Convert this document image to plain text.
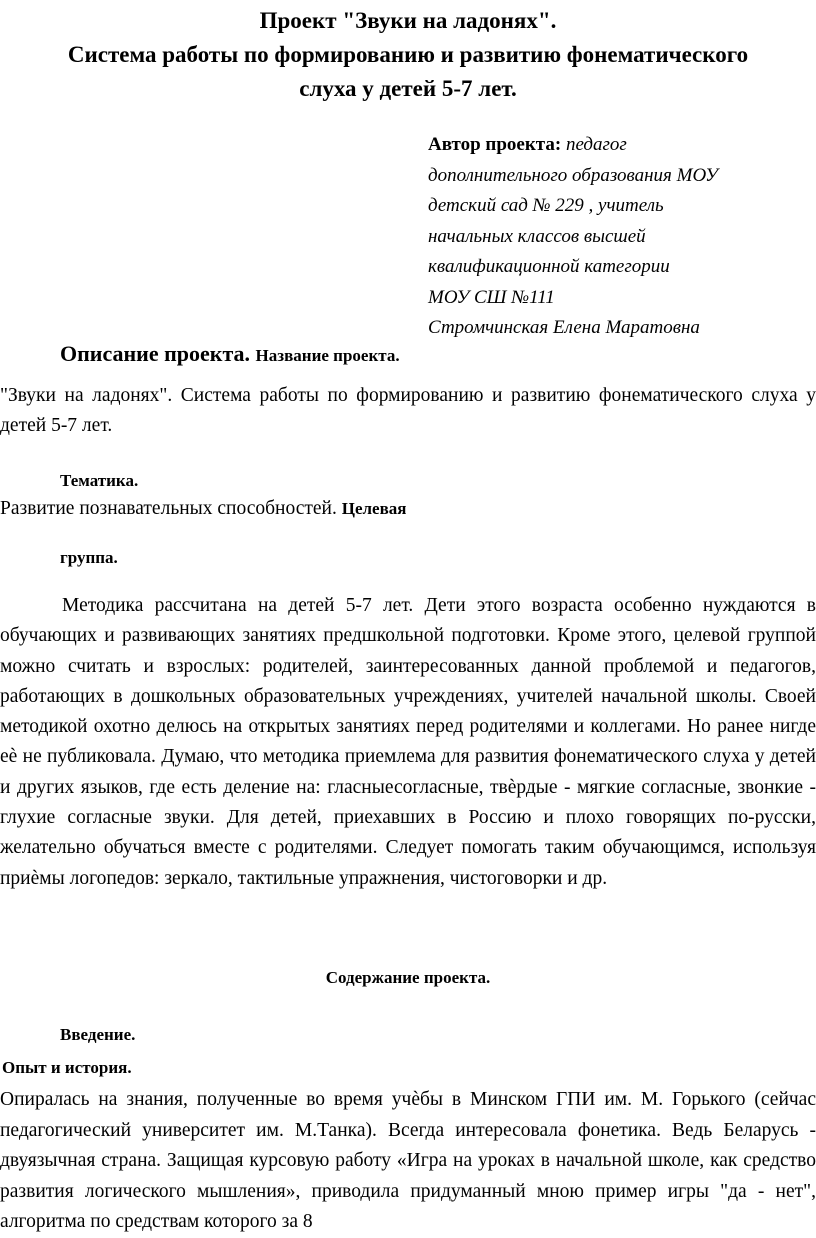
Проект "Звуки на ладонях".

Система работы по формированию и развитию фонематического

слуха у детей 5-7 лет.

Автор проекта: педагог
дополнительного образования МОУ
детский сад № 229 , учитель
начальных классов высшей
квалификационной категории
МОУ СШ №111
Стромчинская Елена Маратовна
Описание проекта. Название проекта.

"Звуки на ладонях". Система работы по формированию и развитию фонематического слуха у детей 5-7 лет.

Тематика.
Развитие познавательных способностей. Целевая
группа.

Методика рассчитана на детей 5-7 лет. Дети этого возраста особенно нуждаются в обучающих и развивающих занятиях предшкольной подготовки. Кроме этого, целевой группой можно считать и взрослых: родителей, заинтересованных данной проблемой и педагогов, работающих в дошкольных образовательных учреждениях, учителей начальной школы. Своей методикой охотно делюсь на открытых занятиях перед родителями и коллегами. Но ранее нигде еѐ не публиковала. Думаю, что методика приемлема для развития фонематического слуха у детей и других языков, где есть деление на: гласныесогласные, твѐрдые - мягкие согласные, звонкие - глухие согласные звуки. Для детей, приехавших в Россию и плохо говорящих по-русски, желательно обучаться вместе с родителями. Следует помогать таким обучающимся, используя приѐмы логопедов: зеркало, тактильные упражнения, чистоговорки и др.

Содержание проекта.
Введение.
Опыт и история.

Опиралась на знания, полученные во время учѐбы в Минском ГПИ им. М. Горького (сейчас педагогический университет им. М.Танка). Всегда интересовала фонетика. Ведь Беларусь - двуязычная страна. Защищая курсовую работу «Игра на уроках в начальной школе, как средство развития логического мышления», приводила придуманный мною пример игры "да - нет", алгоритма по средствам которого за 8
